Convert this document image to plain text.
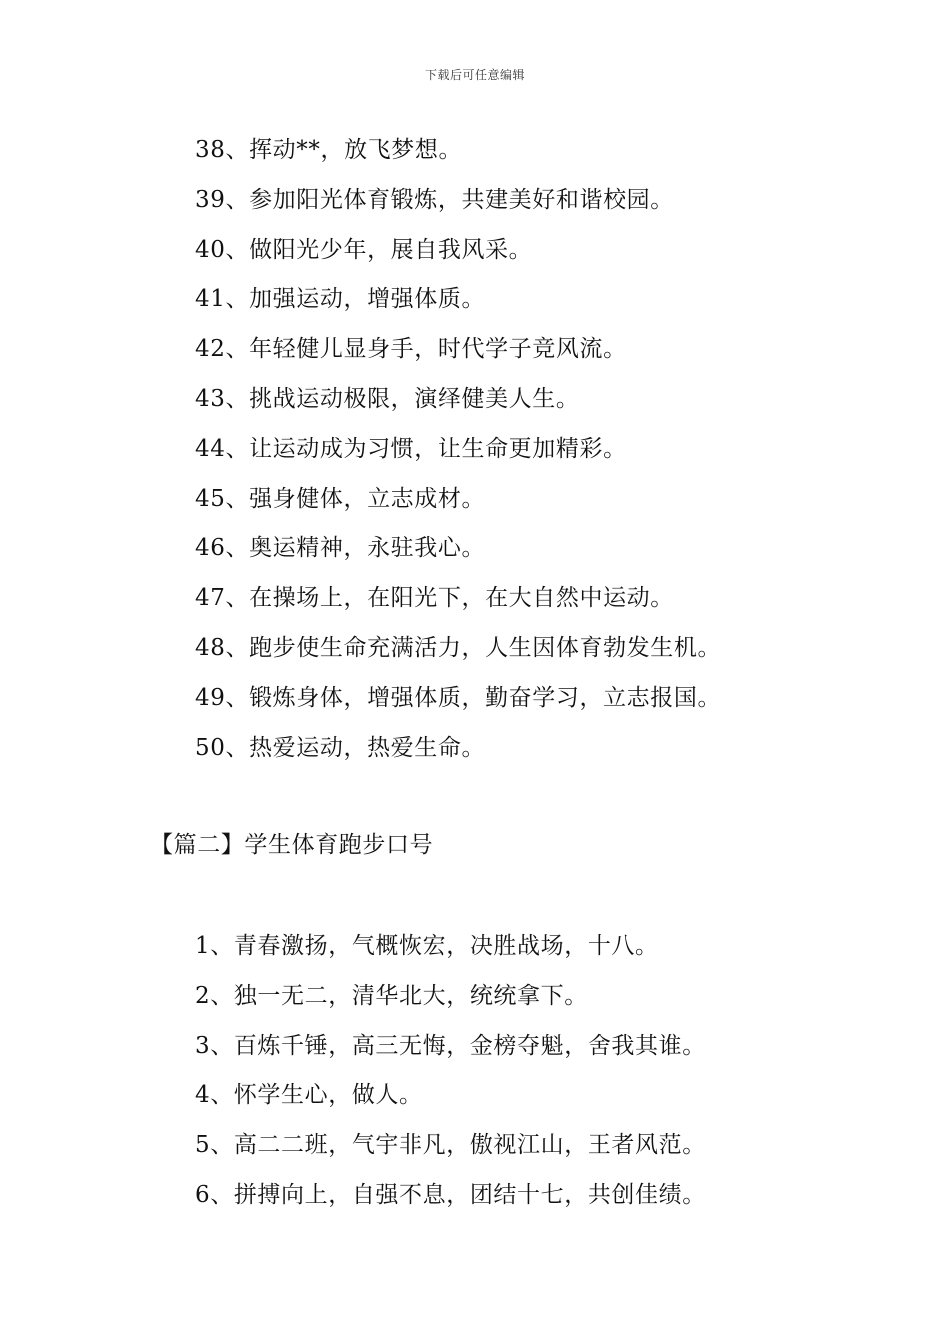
下载后可任意编辑
38、挥动**，放飞梦想。
39、参加阳光体育锻炼，共建美好和谐校园。
40、做阳光少年，展自我风采。
41、加强运动，增强体质。
42、年轻健儿显身手，时代学子竞风流。
43、挑战运动极限，演绎健美人生。
44、让运动成为习惯，让生命更加精彩。
45、强身健体，立志成材。
46、奥运精神，永驻我心。
47、在操场上，在阳光下，在大自然中运动。
48、跑步使生命充满活力，人生因体育勃发生机。
49、锻炼身体，增强体质，勤奋学习，立志报国。
50、热爱运动，热爱生命。
【篇二】学生体育跑步口号
1、青春激扬，气概恢宏，决胜战场，十八。
2、独一无二，清华北大，统统拿下。
3、百炼千锤，高三无悔，金榜夺魁，舍我其谁。
4、怀学生心，做人。
5、高二二班，气宇非凡，傲视江山，王者风范。
6、拼搏向上，自强不息，团结十七，共创佳绩。
